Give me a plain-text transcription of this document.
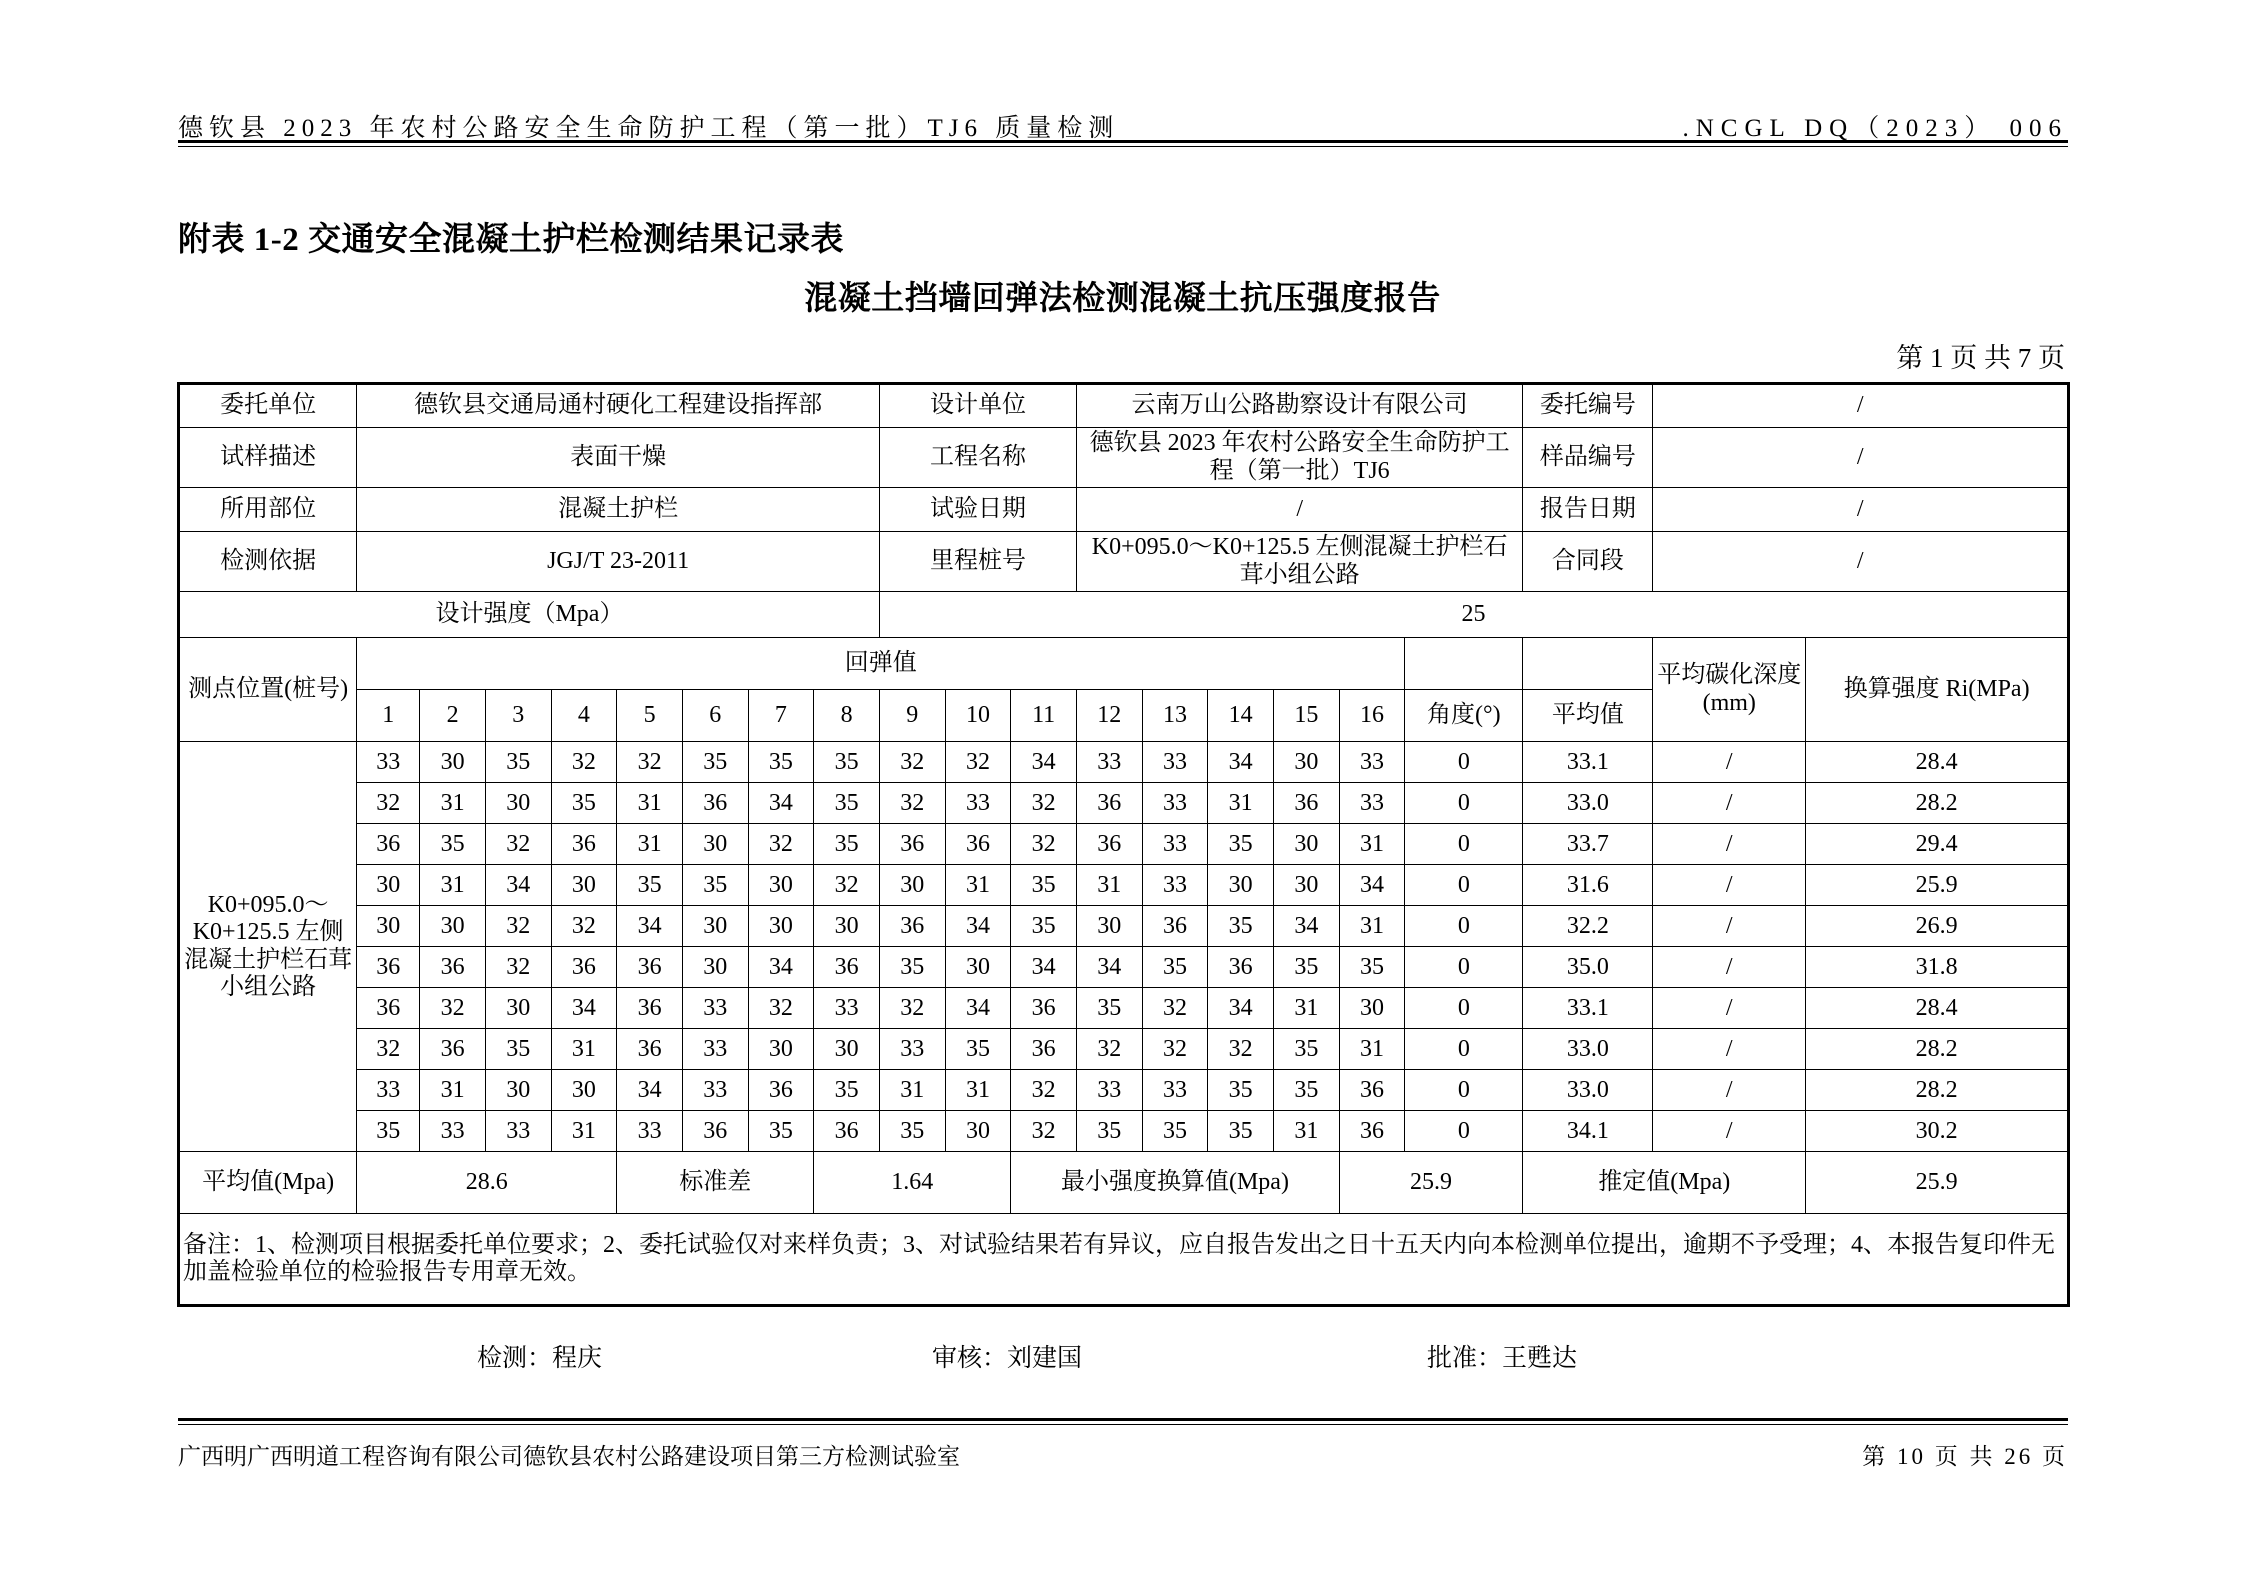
德钦县 2023 年农村公路安全生命防护工程（第一批）TJ6 质量检测	.NCGL DQ（2023） 006
附表 1-2 交通安全混凝土护栏检测结果记录表
混凝土挡墙回弹法检测混凝土抗压强度报告
第 1 页 共 7 页
委托单位	德钦县交通局通村硬化工程建设指挥部								设计单位			云南万山公路勘察设计有限公司						委托编号	/	
试样描述	表面干燥								工程名称			德钦县 2023 年农村公路安全生命防护工程（第一批）TJ6						样品编号	/	
所用部位	混凝土护栏								试验日期			/						报告日期	/	
检测依据	JGJ/T 23-2011								里程桩号			K0+095.0～K0+125.5 左侧混凝土护栏石茸小组公路						合同段	/	
设计强度（Mpa）									25											
测点位置(桩号)	回弹值																		平均碳化深度(mm)	换算强度 Ri(MPa)
	1	2	3	4	5	6	7	8	9	10	11	12	13	14	15	16	角度(°)	平均值		
K0+095.0～K0+125.5 左侧混凝土护栏石茸小组公路	33	30	35	32	32	35	35	35	32	32	34	33	33	34	30	33	0	33.1	/	28.4
	32	31	30	35	31	36	34	35	32	33	32	36	33	31	36	33	0	33.0	/	28.2
	36	35	32	36	31	30	32	35	36	36	32	36	33	35	30	31	0	33.7	/	29.4
	30	31	34	30	35	35	30	32	30	31	35	31	33	30	30	34	0	31.6	/	25.9
	30	30	32	32	34	30	30	30	36	34	35	30	36	35	34	31	0	32.2	/	26.9
	36	36	32	36	36	30	34	36	35	30	34	34	35	36	35	35	0	35.0	/	31.8
	36	32	30	34	36	33	32	33	32	34	36	35	32	34	31	30	0	33.1	/	28.4
	32	36	35	31	36	33	30	30	33	35	36	32	32	32	35	31	0	33.0	/	28.2
	33	31	30	30	34	33	36	35	31	31	32	33	33	35	35	36	0	33.0	/	28.2
	35	33	33	31	33	36	35	36	35	30	32	35	35	35	31	36	0	34.1	/	30.2
平均值(Mpa)	28.6				标准差			1.64			最小强度换算值(Mpa)					25.9		推定值(Mpa)		25.9
备注：1、检测项目根据委托单位要求；2、委托试验仅对来样负责；3、对试验结果若有异议，应自报告发出之日十五天内向本检测单位提出，逾期不予受理；4、本报告复印件无加盖检验单位的检验报告专用章无效。																				
检测：程庆	审核：刘建国	批准：王甦达
广西明广西明道工程咨询有限公司德钦县农村公路建设项目第三方检测试验室	第 10 页 共 26 页
